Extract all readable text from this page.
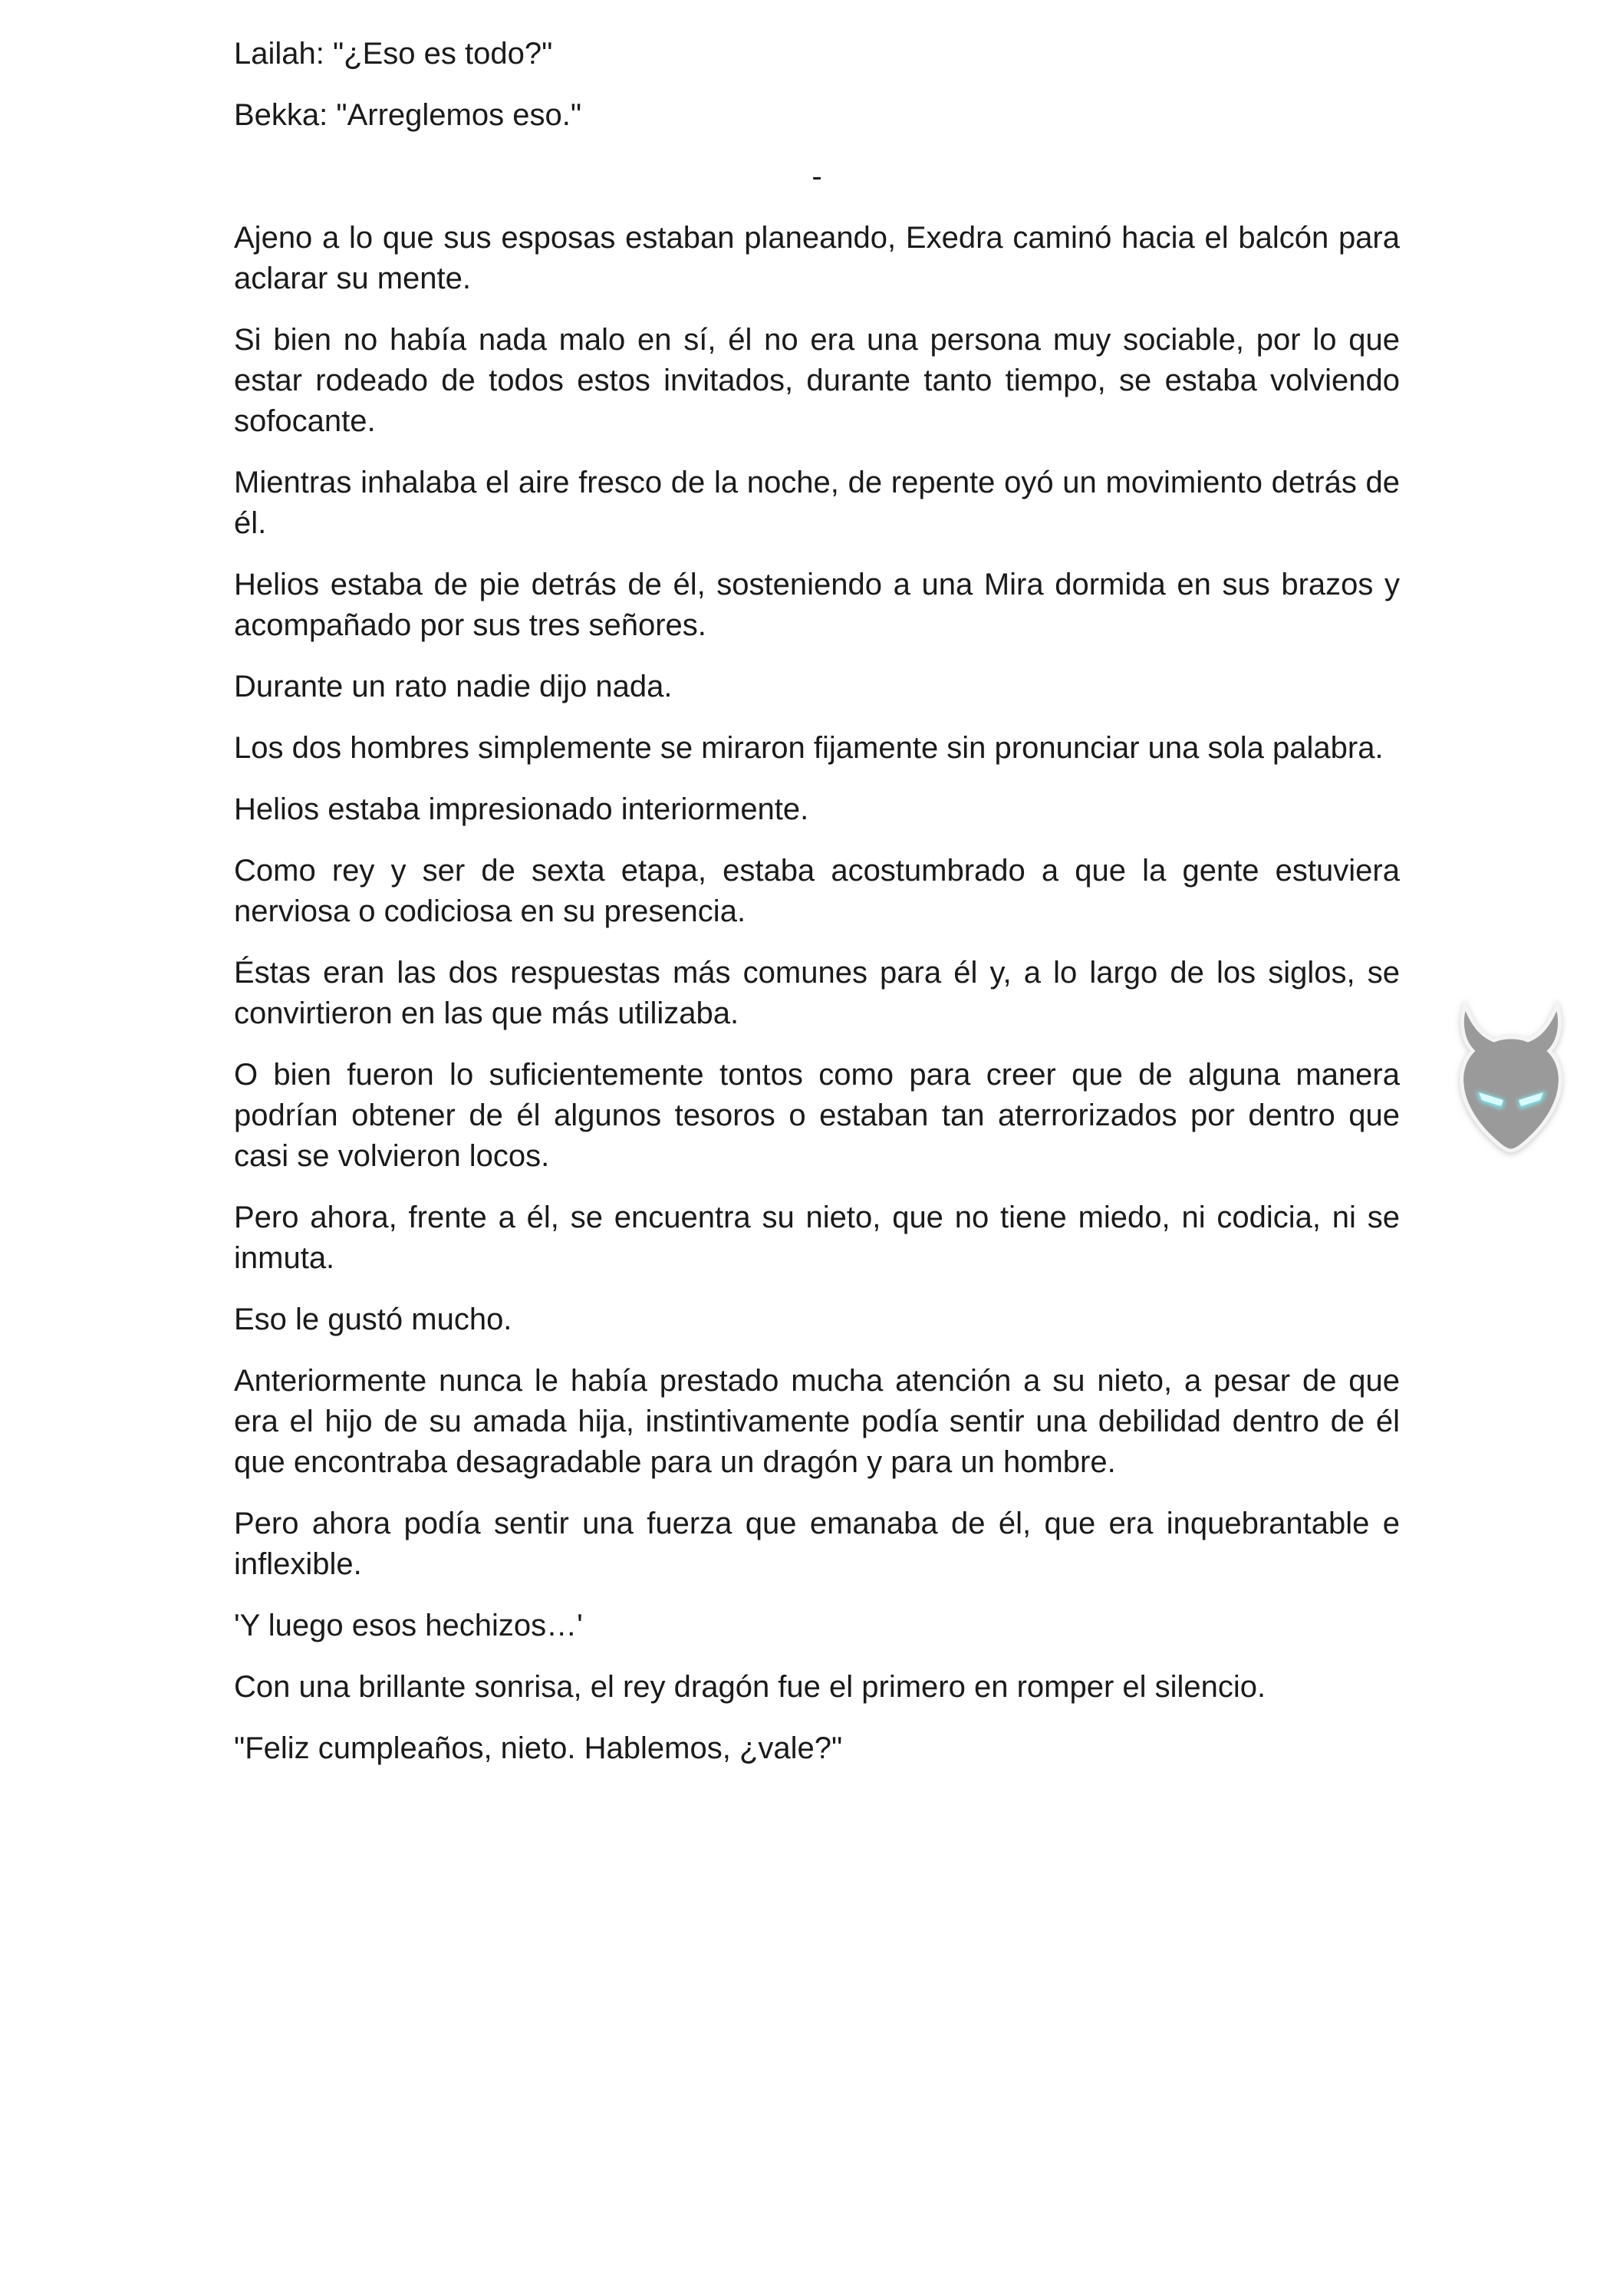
Lailah: "¿Eso es todo?"

Bekka: "Arreglemos eso."

-

Ajeno a lo que sus esposas estaban planeando, Exedra caminó hacia el balcón para aclarar su mente.

Si bien no había nada malo en sí, él no era una persona muy sociable, por lo que estar rodeado de todos estos invitados, durante tanto tiempo, se estaba volviendo sofocante.

Mientras inhalaba el aire fresco de la noche, de repente oyó un movimiento detrás de él.

Helios estaba de pie detrás de él, sosteniendo a una Mira dormida en sus brazos y acompañado por sus tres señores.

Durante un rato nadie dijo nada.

Los dos hombres simplemente se miraron fijamente sin pronunciar una sola palabra.

Helios estaba impresionado interiormente.

Como rey y ser de sexta etapa, estaba acostumbrado a que la gente estuviera nerviosa o codiciosa en su presencia.

Éstas eran las dos respuestas más comunes para él y, a lo largo de los siglos, se convirtieron en las que más utilizaba.

O bien fueron lo suficientemente tontos como para creer que de alguna manera podrían obtener de él algunos tesoros o estaban tan aterrorizados por dentro que casi se volvieron locos.

Pero ahora, frente a él, se encuentra su nieto, que no tiene miedo, ni codicia, ni se inmuta.

Eso le gustó mucho.

Anteriormente nunca le había prestado mucha atención a su nieto, a pesar de que era el hijo de su amada hija, instintivamente podía sentir una debilidad dentro de él que encontraba desagradable para un dragón y para un hombre.

Pero ahora podía sentir una fuerza que emanaba de él, que era inquebrantable e inflexible.

'Y luego esos hechizos…'

Con una brillante sonrisa, el rey dragón fue el primero en romper el silencio.

"Feliz cumpleaños, nieto. Hablemos, ¿vale?"
